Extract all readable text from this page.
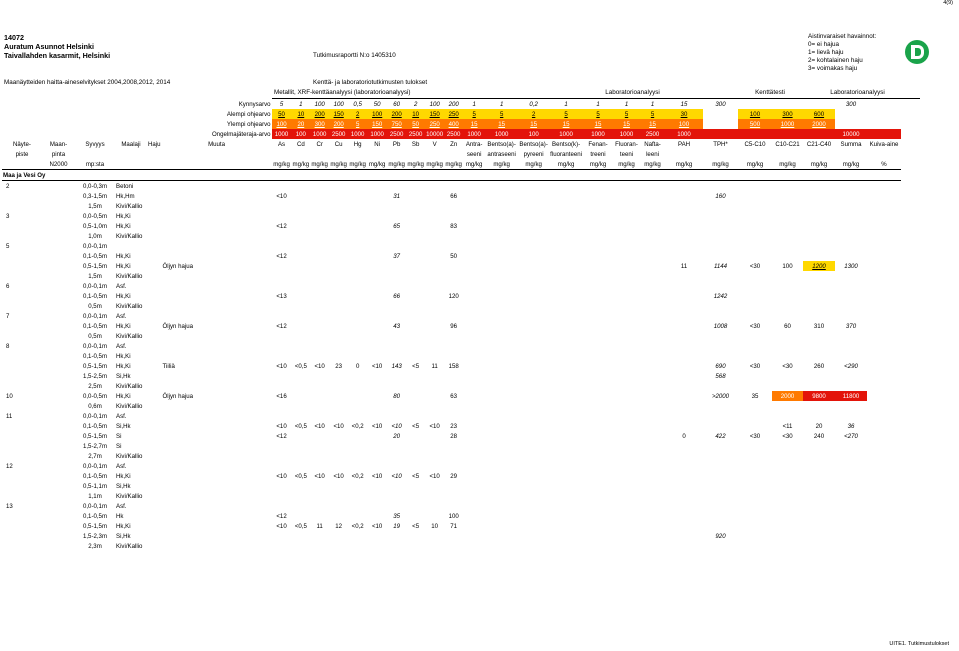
4(9)
14072
Auratum Asunnot Helsinki
Taivallahden kasarmit, Helsinki	Tutkimusraportti N:o 1405310
Maanäytteiden haitta-aineselvitykset 2004,2008,2012, 2014	Kenttä- ja laboratoriotutkimusten tulokset
Aistinvaraiset havainnot:
0= ei hajua
1= lievä haju
2= kohtalainen haju
3= voimakas haju
Metallit, XRF-kenttäanalyysi (laboratorioanalyysi)	Laboratorioanalyysi	Kenttätesti	Laboratorioanalyysi
Kynnysarvo						5	1	100	100	0,5	50	60	2	100	200	1	1	0,2	1	1	1	1	15	300				300	
Alempi ohjearvo						50	10	200	150	2	100	200	10	150	250	5	5	2	5	5	5	5	30		100	300	600		
Ylempi ohjearvo						100	20	300	200	5	150	750	50	250	400	15	15	15	15	15	15	15	100		500	1000	2000		
Ongelmajäteraja-arvo						1000	100	1000	2500	1000	1000	2500	2500	10000	2500	1000	1000	100	1000	1000	1000	2500	1000					10000	
Näyte-	Maan-	Syvyys	Maalaji	Haju	Muuta	As	Cd	Cr	Cu	Hg	Ni	Pb	Sb	V	Zn	Antra-	Bentso(a)-	Bentso(a)-	Bentso(k)-	Fenan-	Fluoran-	Nafta-	PAH	TPH*	C5-C10	C10-C21	C21-C40	Summa	Kuiva-aine
piste	pinta															seeni	antraseeni	pyreeni	fluoranteeni	treeni	teeni	leeni							
	N2000	mp:sta				mg/kg	mg/kg	mg/kg	mg/kg	mg/kg	mg/kg	mg/kg	mg/kg	mg/kg	mg/kg	mg/kg	mg/kg	mg/kg	mg/kg	mg/kg	mg/kg	mg/kg	mg/kg	mg/kg	mg/kg	mg/kg	mg/kg	mg/kg	%
Maa ja Vesi Oy																													
2		0,0-0,3m	Betoni																										
		0,3-1,5m	Hk,Hm			<10						31			66									160					
		1,5m	Kivi/Kallio																										
3		0,0-0,5m	Hk,Ki																										
		0,5-1,0m	Hk,Ki			<12						65			83														
		1,0m	Kivi/Kallio																										
5		0,0-0,1m																											
		0,1-0,5m	Hk,Ki			<12						37			50														
		0,5-1,5m	Hk,Ki		Öljyn hajua																		11	1144	<30	100	1200	1300	
		1,5m	Kivi/Kallio																										
6		0,0-0,1m	Asf.																										
		0,1-0,5m	Hk,Ki			<13						66			120									1242					
		0,5m	Kivi/Kallio																										
7		0,0-0,1m	Asf.																										
		0,1-0,5m	Hk,Ki		Öljyn hajua	<12						43			96									1008	<30	60	310	370	
		0,5m	Kivi/Kallio																										
8		0,0-0,1m	Asf.																										
		0,1-0,5m	Hk,Ki																										
		0,5-1,5m	Hk,Ki		Tiiliä	<10	<0,5	<10	23	0	<10	143	<5	11	158									690	<30	<30	260	<290	
		1,5-2,5m	Si,Hk																					568					
		2,5m	Kivi/Kallio																										
10		0,0-0,5m	Hk,Ki		Öljyn hajua	<16						80			63									>2000	35	2000	9800	11800	
		0,6m	Kivi/Kallio																										
11		0,0-0,1m	Asf.																										
		0,1-0,5m	Si,Hk			<10	<0,5	<10	<10	<0,2	<10	<10	<5	<10	23											<11	20	36	
		0,5-1,5m	Si			<12						20			28								0	422	<30	<30	240	<270	
		1,5-2,7m	Si																										
		2,7m	Kivi/Kallio																										
12		0,0-0,1m	Asf.																										
		0,1-0,5m	Hk,Ki			<10	<0,5	<10	<10	<0,2	<10	<10	<5	<10	29														
		0,5-1,1m	Si,Hk																										
		1,1m	Kivi/Kallio																										
13		0,0-0,1m	Asf.																										
		0,1-0,5m	Hk			<12						35			100														
		0,5-1,5m	Hk,Ki			<10	<0,5	11	12	<0,2	<10	19	<5	10	71														
		1,5-2,3m	Si,Hk																					920					
		2,3m	Kivi/Kallio																										
UITE1. Tutkimustulokset
